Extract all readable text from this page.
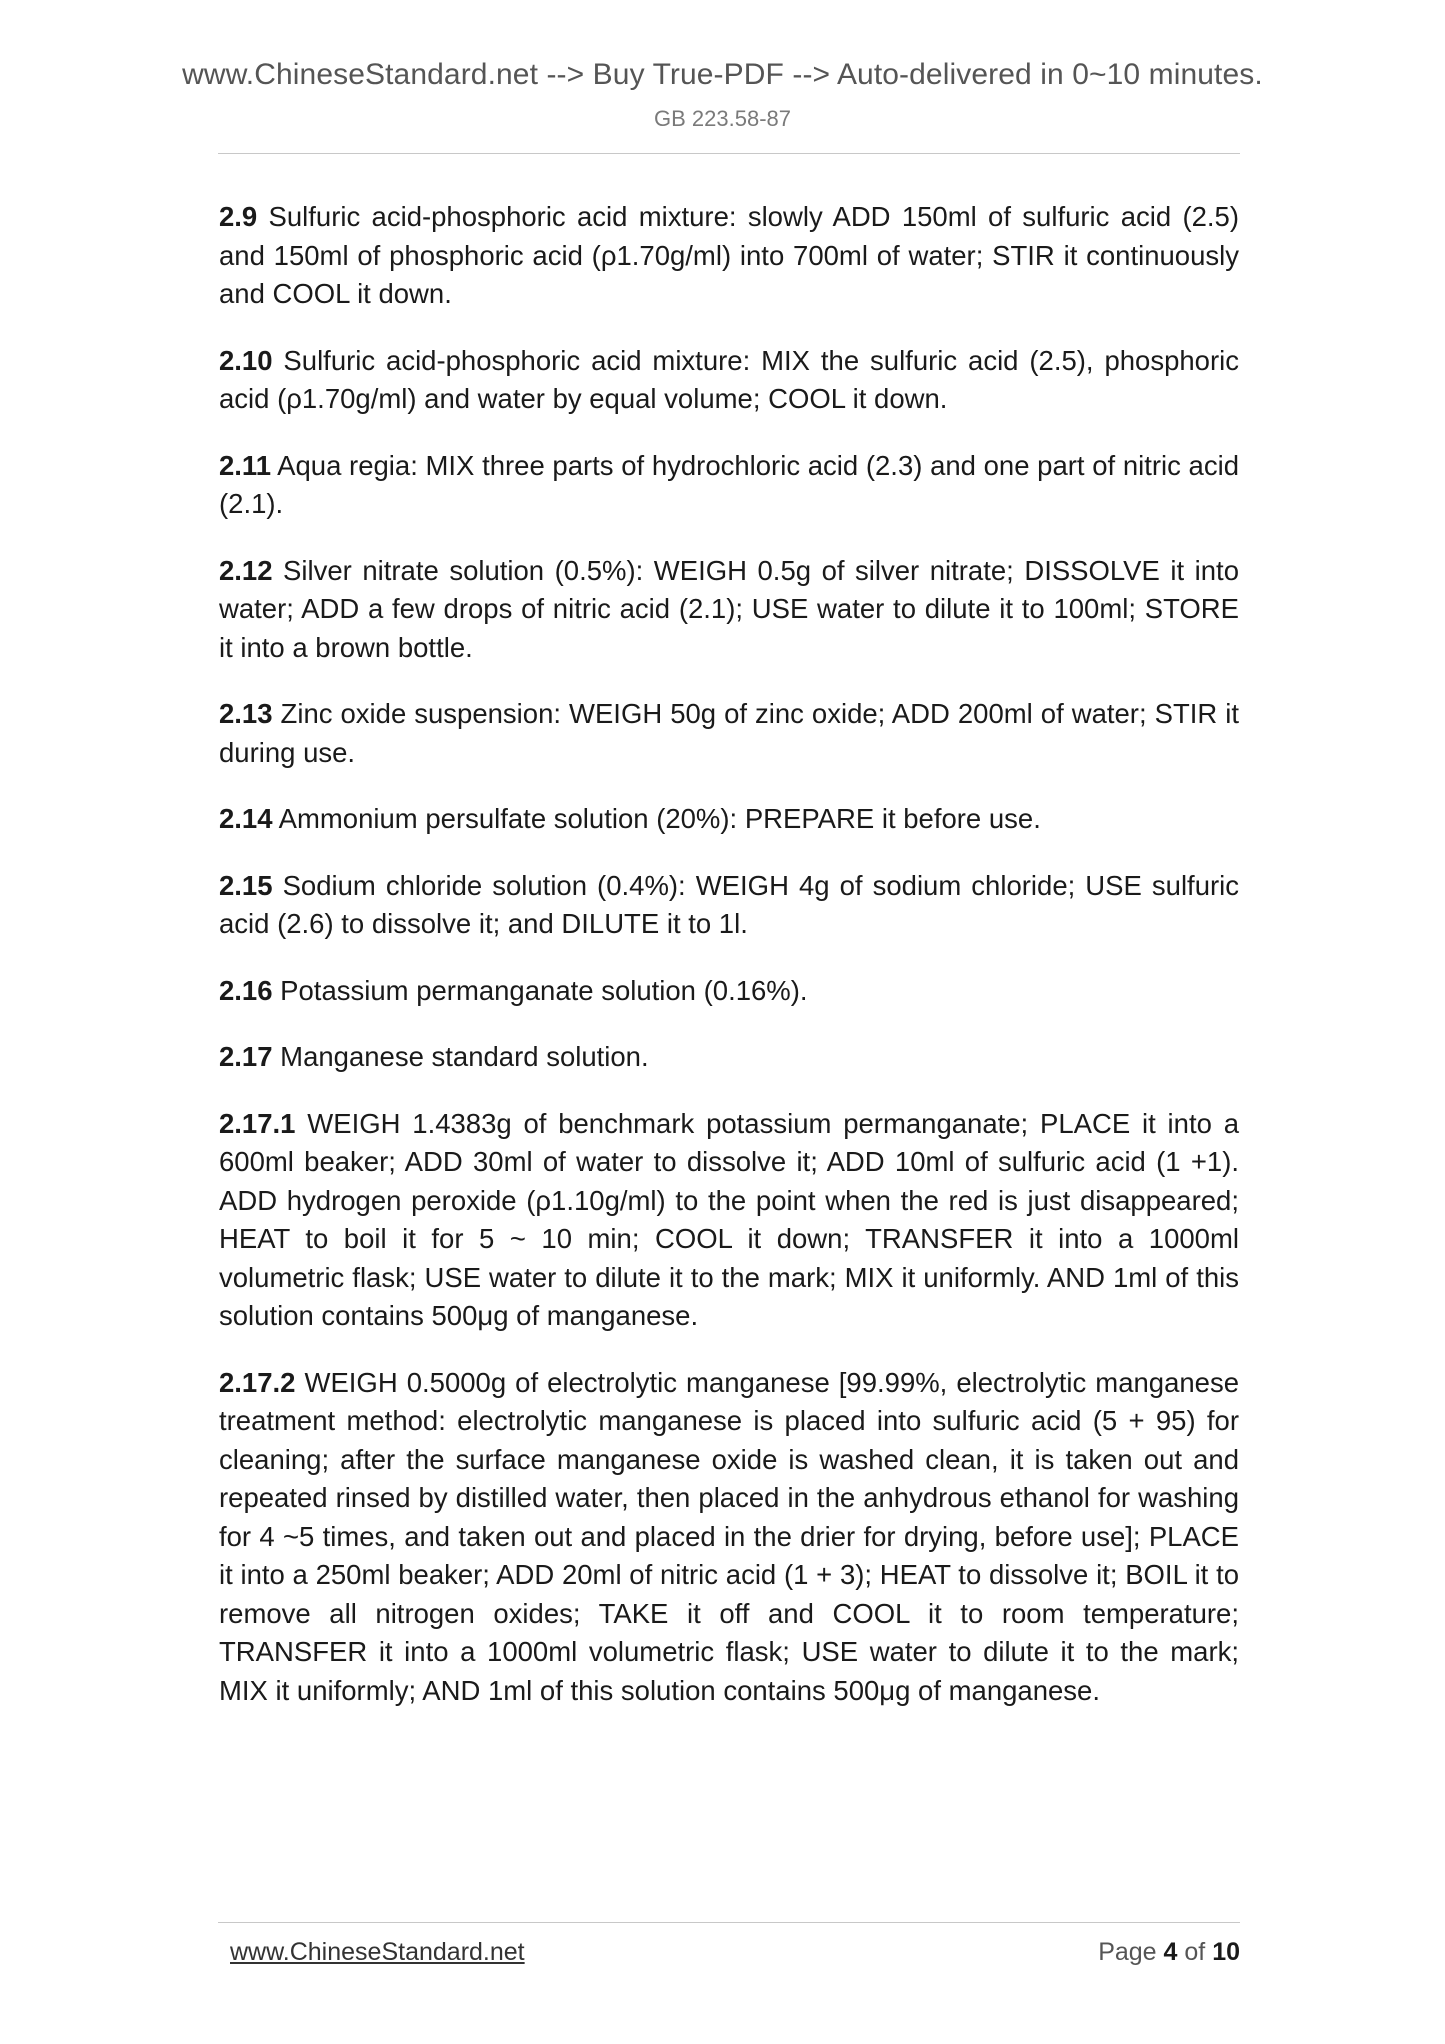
www.ChineseStandard.net --> Buy True-PDF --> Auto-delivered in 0~10 minutes.
GB 223.58-87

2.9 Sulfuric acid-phosphoric acid mixture: slowly ADD 150ml of sulfuric acid (2.5) and 150ml of phosphoric acid (ρ1.70g/ml) into 700ml of water; STIR it continuously and COOL it down.

2.10 Sulfuric acid-phosphoric acid mixture: MIX the sulfuric acid (2.5), phosphoric acid (ρ1.70g/ml) and water by equal volume; COOL it down.

2.11 Aqua regia: MIX three parts of hydrochloric acid (2.3) and one part of nitric acid (2.1).

2.12 Silver nitrate solution (0.5%): WEIGH 0.5g of silver nitrate; DISSOLVE it into water; ADD a few drops of nitric acid (2.1); USE water to dilute it to 100ml; STORE it into a brown bottle.

2.13 Zinc oxide suspension: WEIGH 50g of zinc oxide; ADD 200ml of water; STIR it during use.

2.14 Ammonium persulfate solution (20%): PREPARE it before use.

2.15 Sodium chloride solution (0.4%): WEIGH 4g of sodium chloride; USE sulfuric acid (2.6) to dissolve it; and DILUTE it to 1l.

2.16 Potassium permanganate solution (0.16%).

2.17 Manganese standard solution.

2.17.1 WEIGH 1.4383g of benchmark potassium permanganate; PLACE it into a 600ml beaker; ADD 30ml of water to dissolve it; ADD 10ml of sulfuric acid (1 +1). ADD hydrogen peroxide (ρ1.10g/ml) to the point when the red is just disappeared; HEAT to boil it for 5 ~ 10 min; COOL it down; TRANSFER it into a 1000ml volumetric flask; USE water to dilute it to the mark; MIX it uniformly. AND 1ml of this solution contains 500μg of manganese.

2.17.2 WEIGH 0.5000g of electrolytic manganese [99.99%, electrolytic manganese treatment method: electrolytic manganese is placed into sulfuric acid (5 + 95) for cleaning; after the surface manganese oxide is washed clean, it is taken out and repeated rinsed by distilled water, then placed in the anhydrous ethanol for washing for 4 ~5 times, and taken out and placed in the drier for drying, before use]; PLACE it into a 250ml beaker; ADD 20ml of nitric acid (1 + 3); HEAT to dissolve it; BOIL it to remove all nitrogen oxides; TAKE it off and COOL it to room temperature; TRANSFER it into a 1000ml volumetric flask; USE water to dilute it to the mark; MIX it uniformly; AND 1ml of this solution contains 500μg of manganese.

www.ChineseStandard.net	Page 4 of 10
